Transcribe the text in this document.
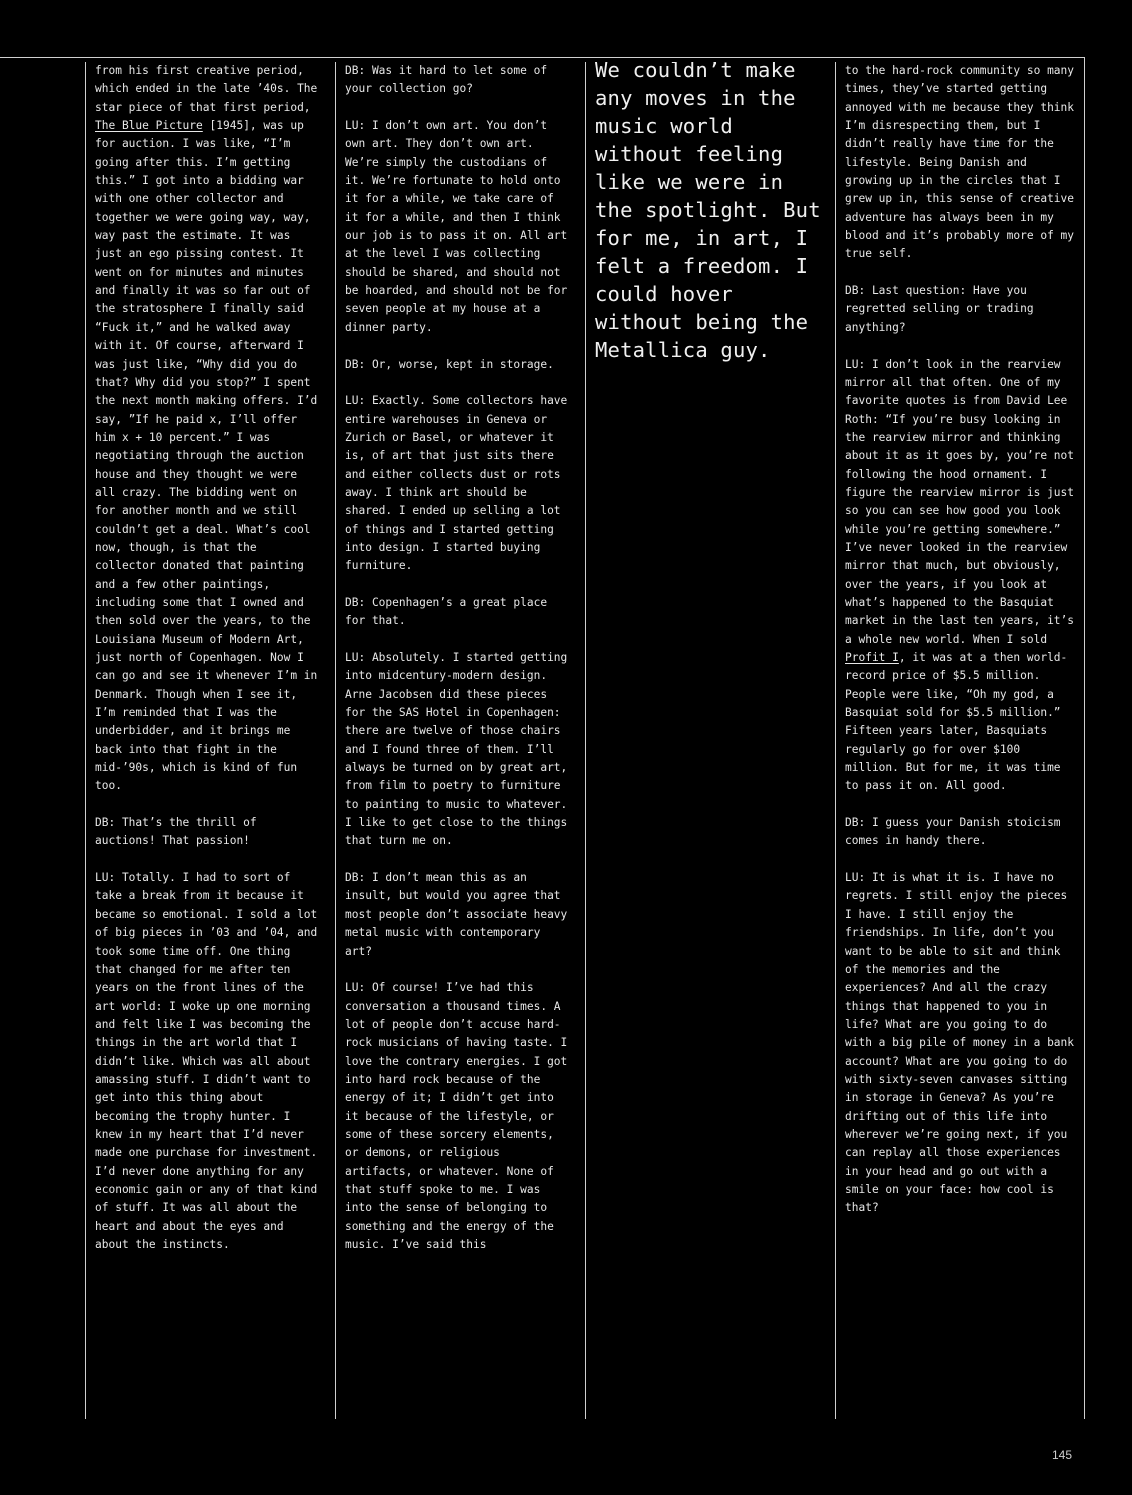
from his first creative period, which ended in the late ’40s. The star piece of that first period, The Blue Picture [1945], was up for auction. I was like, “I’m going after this. I’m getting this.” I got into a bidding war with one other collector and together we were going way, way, way past the estimate. It was just an ego pissing contest. It went on for minutes and minutes and finally it was so far out of the stratosphere I finally said “Fuck it,” and he walked away with it. Of course, afterward I was just like, “Why did you do that? Why did you stop?” I spent the next month making offers. I’d say, ”If he paid x, I’ll offer him x + 10 percent.” I was negotiating through the auction house and they thought we were all crazy. The bidding went on for another month and we still couldn’t get a deal. What’s cool now, though, is that the collector donated that painting and a few other paintings, including some that I owned and then sold over the years, to the Louisiana Museum of Modern Art, just north of Copenhagen. Now I can go and see it whenever I’m in Denmark. Though when I see it, I’m reminded that I was the underbidder, and it brings me back into that fight in the mid-’90s, which is kind of fun too.

DB: That’s the thrill of auctions! That passion!

LU: Totally. I had to sort of take a break from it because it became so emotional. I sold a lot of big pieces in ’03 and ’04, and took some time off. One thing that changed for me after ten years on the front lines of the art world: I woke up one morning and felt like I was becoming the things in the art world that I didn’t like. Which was all about amassing stuff. I didn’t want to get into this thing about becoming the trophy hunter. I knew in my heart that I’d never made one purchase for investment. I’d never done anything for any economic gain or any of that kind of stuff. It was all about the heart and about the eyes and about the instincts.

DB: Was it hard to let some of your collection go?

LU: I don’t own art. You don’t own art. They don’t own art. We’re simply the custodians of it. We’re fortunate to hold onto it for a while, we take care of it for a while, and then I think our job is to pass it on. All art at the level I was collecting should be shared, and should not be hoarded, and should not be for seven people at my house at a dinner party.

DB: Or, worse, kept in storage.

LU: Exactly. Some collectors have entire warehouses in Geneva or Zurich or Basel, or whatever it is, of art that just sits there and either collects dust or rots away. I think art should be shared. I ended up selling a lot of things and I started getting into design. I started buying furniture.

DB: Copenhagen’s a great place for that.

LU: Absolutely. I started getting into midcentury-modern design. Arne Jacobsen did these pieces for the SAS Hotel in Copenhagen: there are twelve of those chairs and I found three of them. I’ll always be turned on by great art, from film to poetry to furniture to painting to music to whatever. I like to get close to the things that turn me on.

DB: I don’t mean this as an insult, but would you agree that most people don’t associate heavy metal music with contemporary art?

LU: Of course! I’ve had this conversation a thousand times. A lot of people don’t accuse hard-rock musicians of having taste. I love the contrary energies. I got into hard rock because of the energy of it; I didn’t get into it because of the lifestyle, or some of these sorcery elements, or demons, or religious artifacts, or whatever. None of that stuff spoke to me. I was into the sense of belonging to something and the energy of the music. I’ve said this

We couldn’t make any moves in the music world without feeling like we were in the spotlight. But for me, in art, I felt a freedom. I could hover without being the Metallica guy.

to the hard-rock community so many times, they’ve started getting annoyed with me because they think I’m disrespecting them, but I didn’t really have time for the lifestyle. Being Danish and growing up in the circles that I grew up in, this sense of creative adventure has always been in my blood and it’s probably more of my true self.

DB: Last question: Have you regretted selling or trading anything?

LU: I don’t look in the rearview mirror all that often. One of my favorite quotes is from David Lee Roth: “If you’re busy looking in the rearview mirror and thinking about it as it goes by, you’re not following the hood ornament. I figure the rearview mirror is just so you can see how good you look while you’re getting somewhere.” I’ve never looked in the rearview mirror that much, but obviously, over the years, if you look at what’s happened to the Basquiat market in the last ten years, it’s a whole new world. When I sold Profit I, it was at a then world-record price of $5.5 million. People were like, “Oh my god, a Basquiat sold for $5.5 million.” Fifteen years later, Basquiats regularly go for over $100 million. But for me, it was time to pass it on. All good.

DB: I guess your Danish stoicism comes in handy there.

LU: It is what it is. I have no regrets. I still enjoy the pieces I have. I still enjoy the friendships. In life, don’t you want to be able to sit and think of the memories and the experiences? And all the crazy things that happened to you in life? What are you going to do with a big pile of money in a bank account? What are you going to do with sixty-seven canvases sitting in storage in Geneva? As you’re drifting out of this life into wherever we’re going next, if you can replay all those experiences in your head and go out with a smile on your face: how cool is that?

145
